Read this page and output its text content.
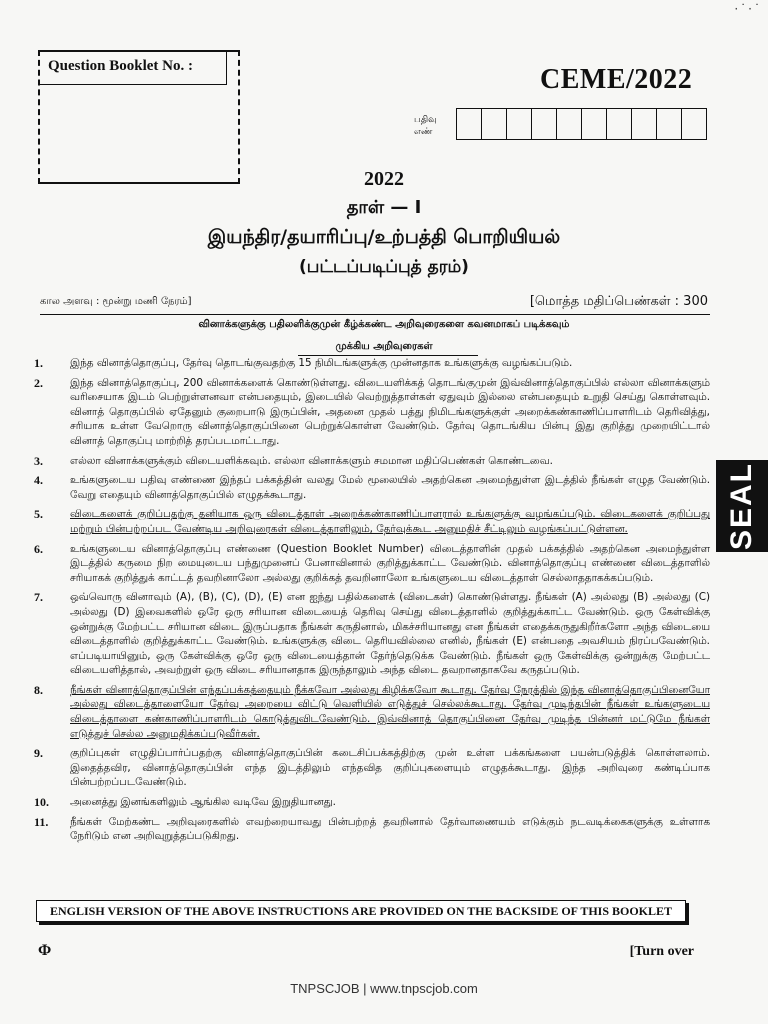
·˙·˙
Question Booklet No. :	CEME/2022
பதிவு எண்
2022
தாள் — I
இயந்திர/தயாரிப்பு/உற்பத்தி பொறியியல்
(பட்டப்படிப்புத் தரம்)
கால அளவு : மூன்று மணி நேரம்]	[மொத்த மதிப்பெண்கள் : 300
வினாக்களுக்கு பதிலளிக்குமுன் கீழ்க்கண்ட அறிவுரைகளை கவனமாகப் படிக்கவும்
முக்கிய அறிவுரைகள்
1.	இந்த வினாத்தொகுப்பு, தேர்வு தொடங்குவதற்கு 15 நிமிடங்களுக்கு முன்னதாக உங்களுக்கு வழங்கப்படும்.
2.	இந்த வினாத்தொகுப்பு, 200 வினாக்களைக் கொண்டுள்ளது. விடையளிக்கத் தொடங்குமுன் இவ்வினாத்தொகுப்பில் எல்லா வினாக்களும் வரிசையாக இடம் பெற்றுள்ளனவா என்பதையும், இடையில் வெற்றுத்தாள்கள் ஏதுவும் இல்லை என்பதையும் உறுதி செய்து கொள்ளவும். வினாத் தொகுப்பில் ஏதேனும் குறைபாடு இருப்பின், அதனை முதல் பத்து நிமிடங்களுக்குள் அறைக்கண்காணிப்பாளரிடம் தெரிவித்து, சரியாக உள்ள வேறொரு வினாத்தொகுப்பினை பெற்றுக்கொள்ள வேண்டும். தேர்வு தொடங்கிய பின்பு இது குறித்து முறையிட்டால் வினாத் தொகுப்பு மாற்றித் தரப்படமாட்டாது.
3.	எல்லா வினாக்களுக்கும் விடையளிக்கவும். எல்லா வினாக்களும் சமமான மதிப்பெண்கள் கொண்டவை.
4.	உங்களுடைய பதிவு எண்ணை இந்தப் பக்கத்தின் வலது மேல் மூலையில் அதற்கென அமைந்துள்ள இடத்தில் நீங்கள் எழுத வேண்டும். வேறு எதையும் வினாத்தொகுப்பில் எழுதக்கூடாது.
5.	விடைகளைக் குறிப்பதற்கு தனியாக ஒரு விடைத்தாள் அறைக்கண்காணிப்பாளரால் உங்களுக்கு வழங்கப்படும். விடைகளைக் குறிப்பது மற்றும் பின்பற்றப்பட வேண்டிய அறிவுரைகள் விடைத்தாளிலும், தேர்வுக்கூட அனுமதிச் சீட்டிலும் வழங்கப்பட்டுள்ளன.
6.	உங்களுடைய வினாத்தொகுப்பு எண்ணை (Question Booklet Number) விடைத்தாளின் முதல் பக்கத்தில் அதற்கென அமைந்துள்ள இடத்தில் கருமை நிற மையுடைய பந்துமுனைப் பேனாவினால் குறித்துக்காட்ட வேண்டும். வினாத்தொகுப்பு எண்ணை விடைத்தாளில் சரியாகக் குறித்துக் காட்டத் தவறினாலோ அல்லது குறிக்கத் தவறினாலோ உங்களுடைய விடைத்தாள் செல்லாததாகக்கப்படும்.
7.	ஒவ்வொரு வினாவும் (A), (B), (C), (D), (E) என ஐந்து பதில்களைக் (விடைகள்) கொண்டுள்ளது. நீங்கள் (A) அல்லது (B) அல்லது (C) அல்லது (D) இவைகளில் ஒரே ஒரு சரியான விடையைத் தெரிவு செய்து விடைத்தாளில் குறித்துக்காட்ட வேண்டும். ஒரு கேள்விக்கு ஒன்றுக்கு மேற்பட்ட சரியான விடை இருப்பதாக நீங்கள் கருதினால், மிகச்சரியானது என நீங்கள் எதைக்கருதுகிறீர்களோ அந்த விடையை விடைத்தாளில் குறித்துக்காட்ட வேண்டும். உங்களுக்கு விடை தெரியவில்லை எனில், நீங்கள் (E) என்பதை அவசியம் நிரப்பவேண்டும். எப்படியாயினும், ஒரு கேள்விக்கு ஒரே ஒரு விடையைத்தான் தேர்ந்தெடுக்க வேண்டும். நீங்கள் ஒரு கேள்விக்கு ஒன்றுக்கு மேற்பட்ட விடையளித்தால், அவற்றுள் ஒரு விடை சரியானதாக இருந்தாலும் அந்த விடை தவறானதாகவே கருதப்படும்.
8.	நீங்கள் வினாத்தொகுப்பின் எந்தப்பக்கத்தையும் நீக்கவோ அல்லது கிழிக்கவோ கூடாது. தேர்வு நேரத்தில் இந்த வினாத்தொகுப்பினையோ அல்லது விடைத்தாளையோ தேர்வு அறையை விட்டு வெளியில் எடுத்துச் செல்லக்கூடாது. தேர்வு முடிந்தபின் நீங்கள் உங்களுடைய விடைத்தாளை கண்காணிப்பாளரிடம் கொடுத்துவிடவேண்டும். இவ்வினாத் தொகுப்பினை தேர்வு முடிந்த பின்னர் மட்டுமே நீங்கள் எடுத்துச் செல்ல அனுமதிக்கப்படுவீர்கள்.
9.	குறிப்புகள் எழுதிப்பார்ப்பதற்கு வினாத்தொகுப்பின் கடைசிப்பக்கத்திற்கு முன் உள்ள பக்கங்களை பயன்படுத்திக் கொள்ளலாம். இதைத்தவிர, வினாத்தொகுப்பின் எந்த இடத்திலும் எந்தவித குறிப்புகளையும் எழுதக்கூடாது. இந்த அறிவுரை கண்டிப்பாக பின்பற்றப்படவேண்டும்.
10. அனைத்து இனங்களிலும் ஆங்கில வடிவே இறுதியானது.
11. நீங்கள் மேற்கண்ட அறிவுரைகளில் எவற்றையாவது பின்பற்றத் தவறினால் தேர்வாணையம் எடுக்கும் நடவடிக்கைகளுக்கு உள்ளாக நேரிடும் என அறிவுறுத்தப்படுகிறது.
ENGLISH VERSION OF THE ABOVE INSTRUCTIONS ARE PROVIDED ON THE BACKSIDE OF THIS BOOKLET
Φ	[Turn over
TNPSCJOB | www.tnpscjob.com
SEAL
